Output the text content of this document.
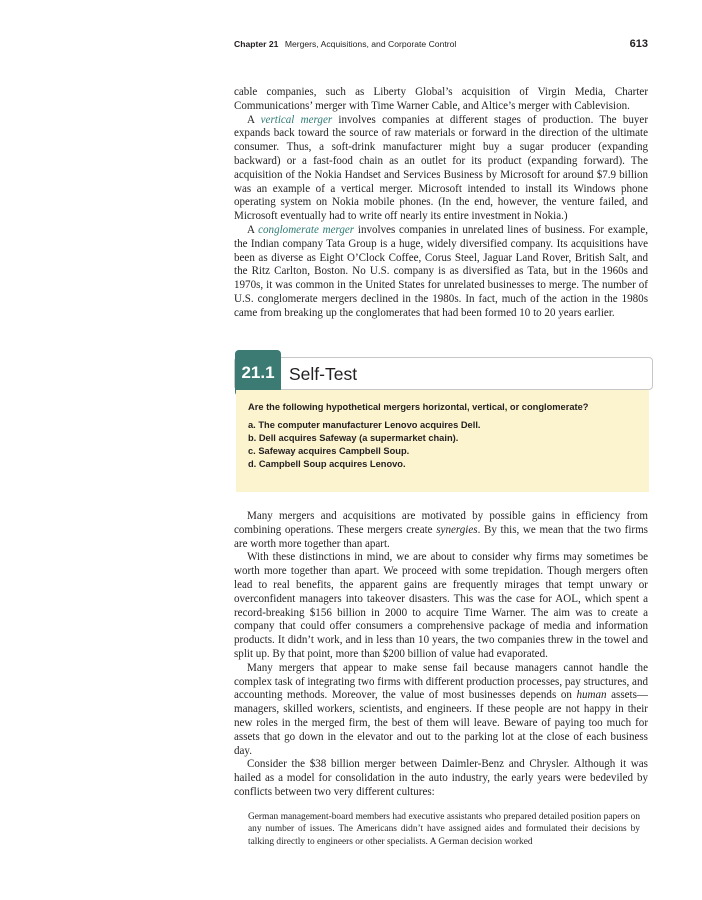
Chapter 21 Mergers, Acquisitions, and Corporate Control	613

cable companies, such as Liberty Global’s acquisition of Virgin Media, Charter Communications’ merger with Time Warner Cable, and Altice’s merger with Cablevision.

A vertical merger involves companies at different stages of production. The buyer expands back toward the source of raw materials or forward in the direction of the ultimate consumer. Thus, a soft-drink manufacturer might buy a sugar producer (expanding backward) or a fast-food chain as an outlet for its product (expanding forward). The acquisition of the Nokia Handset and Services Business by Microsoft for around $7.9 billion was an example of a vertical merger. Microsoft intended to install its Windows phone operating system on Nokia mobile phones. (In the end, however, the venture failed, and Microsoft eventually had to write off nearly its entire investment in Nokia.)

A conglomerate merger involves companies in unrelated lines of business. For example, the Indian company Tata Group is a huge, widely diversified company. Its acquisitions have been as diverse as Eight O’Clock Coffee, Corus Steel, Jaguar Land Rover, British Salt, and the Ritz Carlton, Boston. No U.S. company is as diversified as Tata, but in the 1960s and 1970s, it was common in the United States for unrelated businesses to merge. The number of U.S. conglomerate mergers declined in the 1980s. In fact, much of the action in the 1980s came from breaking up the conglomerates that had been formed 10 to 20 years earlier.

21.1 Self-Test

Are the following hypothetical mergers horizontal, vertical, or conglomerate?

a. The computer manufacturer Lenovo acquires Dell.
b. Dell acquires Safeway (a supermarket chain).
c. Safeway acquires Campbell Soup.
d. Campbell Soup acquires Lenovo.

Many mergers and acquisitions are motivated by possible gains in efficiency from combining operations. These mergers create synergies. By this, we mean that the two firms are worth more together than apart.

With these distinctions in mind, we are about to consider why firms may sometimes be worth more together than apart. We proceed with some trepidation. Though mergers often lead to real benefits, the apparent gains are frequently mirages that tempt unwary or overconfident managers into takeover disasters. This was the case for AOL, which spent a record-breaking $156 billion in 2000 to acquire Time Warner. The aim was to create a company that could offer consumers a comprehensive package of media and information products. It didn’t work, and in less than 10 years, the two companies threw in the towel and split up. By that point, more than $200 billion of value had evaporated.

Many mergers that appear to make sense fail because managers cannot handle the complex task of integrating two firms with different production processes, pay structures, and accounting methods. Moreover, the value of most businesses depends on human assets—managers, skilled workers, scientists, and engineers. If these people are not happy in their new roles in the merged firm, the best of them will leave. Beware of paying too much for assets that go down in the elevator and out to the parking lot at the close of each business day.

Consider the $38 billion merger between Daimler-Benz and Chrysler. Although it was hailed as a model for consolidation in the auto industry, the early years were bedeviled by conflicts between two very different cultures:

German management-board members had executive assistants who prepared detailed position papers on any number of issues. The Americans didn’t have assigned aides and formulated their decisions by talking directly to engineers or other specialists. A German decision worked
